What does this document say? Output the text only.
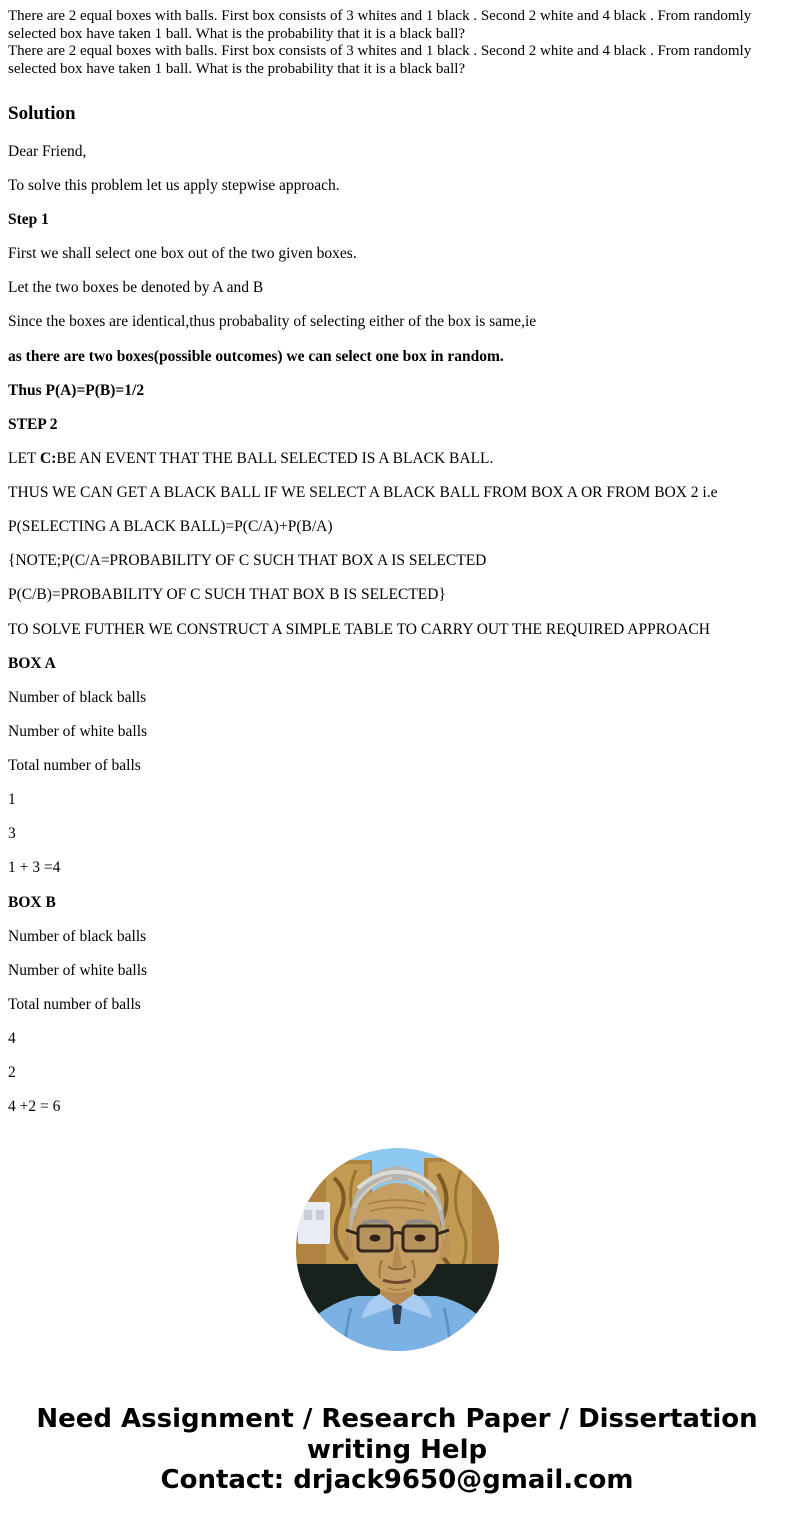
There are 2 equal boxes with balls. First box consists of 3 whites and 1 black . Second 2 white and 4 black . From randomly selected box have taken 1 ball. What is the probability that it is a black ball?

There are 2 equal boxes with balls. First box consists of 3 whites and 1 black . Second 2 white and 4 black . From randomly selected box have taken 1 ball. What is the probability that it is a black ball?

Solution

Dear Friend,

To solve this problem let us apply stepwise approach.

Step 1

First we shall select one box out of the two given boxes.

Let the two boxes be denoted by A and B

Since the boxes are identical,thus probabality of selecting either of the box is same,ie

as there are two boxes(possible outcomes) we can select one box in random.

Thus P(A)=P(B)=1/2

STEP 2

LET C:BE AN EVENT THAT THE BALL SELECTED IS A BLACK BALL.

THUS WE CAN GET A BLACK BALL IF WE SELECT A BLACK BALL FROM BOX A OR FROM BOX 2 i.e

P(SELECTING A BLACK BALL)=P(C/A)+P(B/A)

{NOTE;P(C/A=PROBABILITY OF C SUCH THAT BOX A IS SELECTED

P(C/B)=PROBABILITY OF C SUCH THAT BOX B IS SELECTED}

TO SOLVE FUTHER WE CONSTRUCT A SIMPLE TABLE TO CARRY OUT THE REQUIRED APPROACH

BOX A

Number of black balls

Number of white balls

Total number of balls

1

3

1 + 3 =4

BOX B

Number of black balls

Number of white balls

Total number of balls

4

2

4 +2 = 6

Need Assignment / Research Paper / Dissertation writing Help
Contact: drjack9650@gmail.com
